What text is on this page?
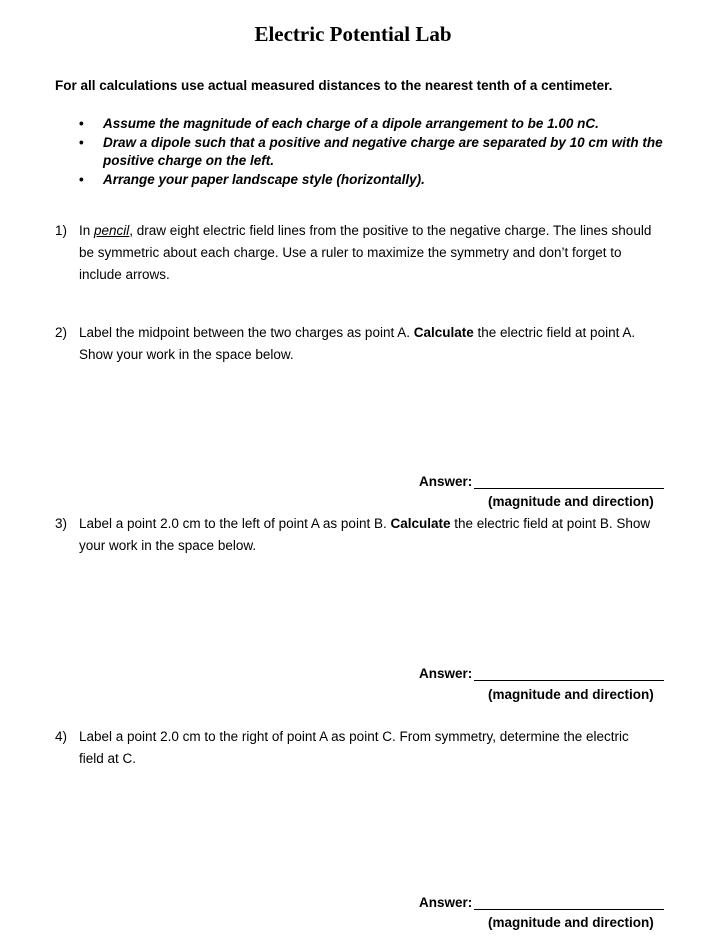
Electric Potential Lab
For all calculations use actual measured distances to the nearest tenth of a centimeter.
• Assume the magnitude of each charge of a dipole arrangement to be 1.00 nC.
• Draw a dipole such that a positive and negative charge are separated by 10 cm with the positive charge on the left.
• Arrange your paper landscape style (horizontally).
1) In pencil, draw eight electric field lines from the positive to the negative charge. The lines should be symmetric about each charge. Use a ruler to maximize the symmetry and don’t forget to include arrows.
2) Label the midpoint between the two charges as point A. Calculate the electric field at point A. Show your work in the space below.
Answer:
(magnitude and direction)
3) Label a point 2.0 cm to the left of point A as point B. Calculate the electric field at point B. Show your work in the space below.
Answer:
(magnitude and direction)
4) Label a point 2.0 cm to the right of point A as point C. From symmetry, determine the electric field at C.
Answer:
(magnitude and direction)
